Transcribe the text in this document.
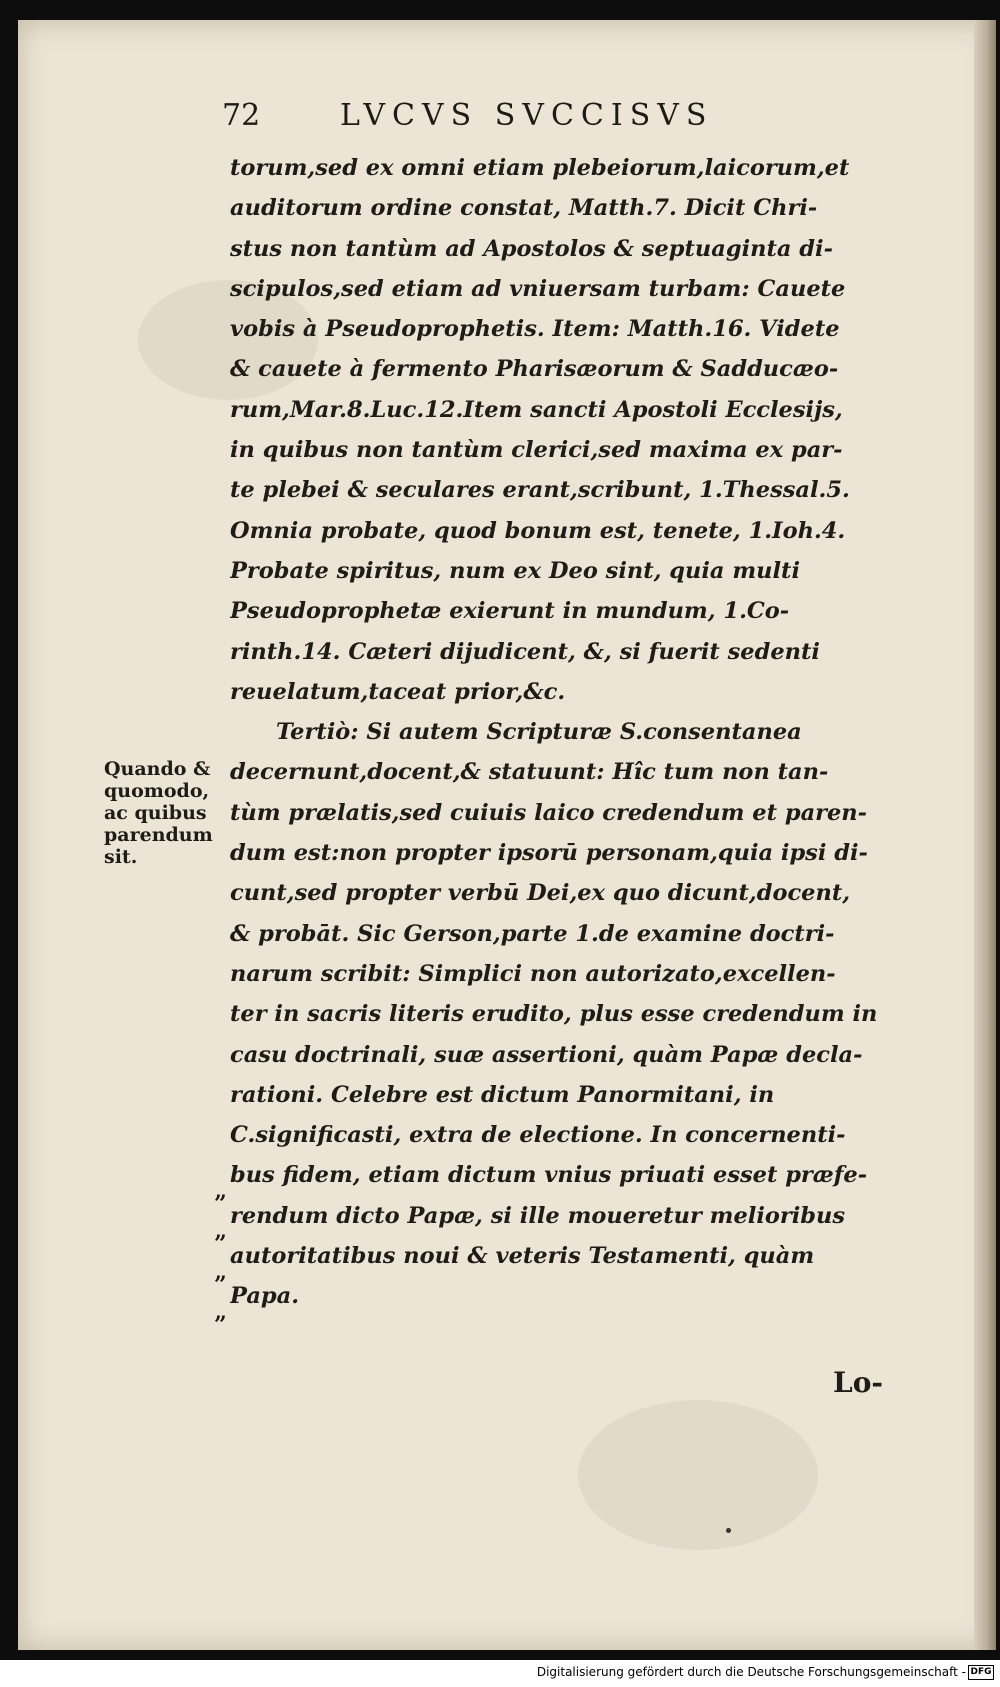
72	LVCVS SVCCISVS
torum,sed ex omni etiam plebeiorum,laicorum,et
auditorum ordine constat, Matth.7. Dicit Chri-
stus non tantùm ad Apostolos & septuaginta di-
scipulos,sed etiam ad vniuersam turbam: Cauete
vobis à Pseudoprophetis. Item: Matth.16. Videte
& cauete à fermento Pharisæorum & Sadducæo-
rum,Mar.8.Luc.12.Item sancti Apostoli Ecclesijs,
in quibus non tantùm clerici,sed maxima ex par-
te plebei & seculares erant,scribunt, 1.Thessal.5.
Omnia probate, quod bonum est, tenete, 1.Ioh.4.
Probate spiritus, num ex Deo sint, quia multi
Pseudoprophetæ exierunt in mundum, 1.Co-
rinth.14. Cæteri dijudicent, &, si fuerit sedenti
reuelatum,taceat prior,&c.
Tertiò: Si autem Scripturæ S.consentanea
decernunt,docent,& statuunt: Hîc tum non tan-
tùm prælatis,sed cuiuis laico credendum et paren-
dum est:non propter ipsorū personam,quia ipsi di-
cunt,sed propter verbū Dei,ex quo dicunt,docent,
& probāt. Sic Gerson,parte 1.de examine doctri-
narum scribit: Simplici non autorizato,excellen-
ter in sacris literis erudito, plus esse credendum in
casu doctrinali, suæ assertioni, quàm Papæ decla-
rationi. Celebre est dictum Panormitani, in
C.significasti, extra de electione. In concernenti-
bus fidem, etiam dictum vnius priuati esset præfe-
rendum dicto Papæ, si ille moueretur melioribus
autoritatibus noui & veteris Testamenti, quàm
Papa.
Quando &
quomodo,
ac quibus
parendum
sit.
”
”
”
”
Lo-
Digitalisierung gefördert durch die Deutsche Forschungsgemeinschaft - DFG
